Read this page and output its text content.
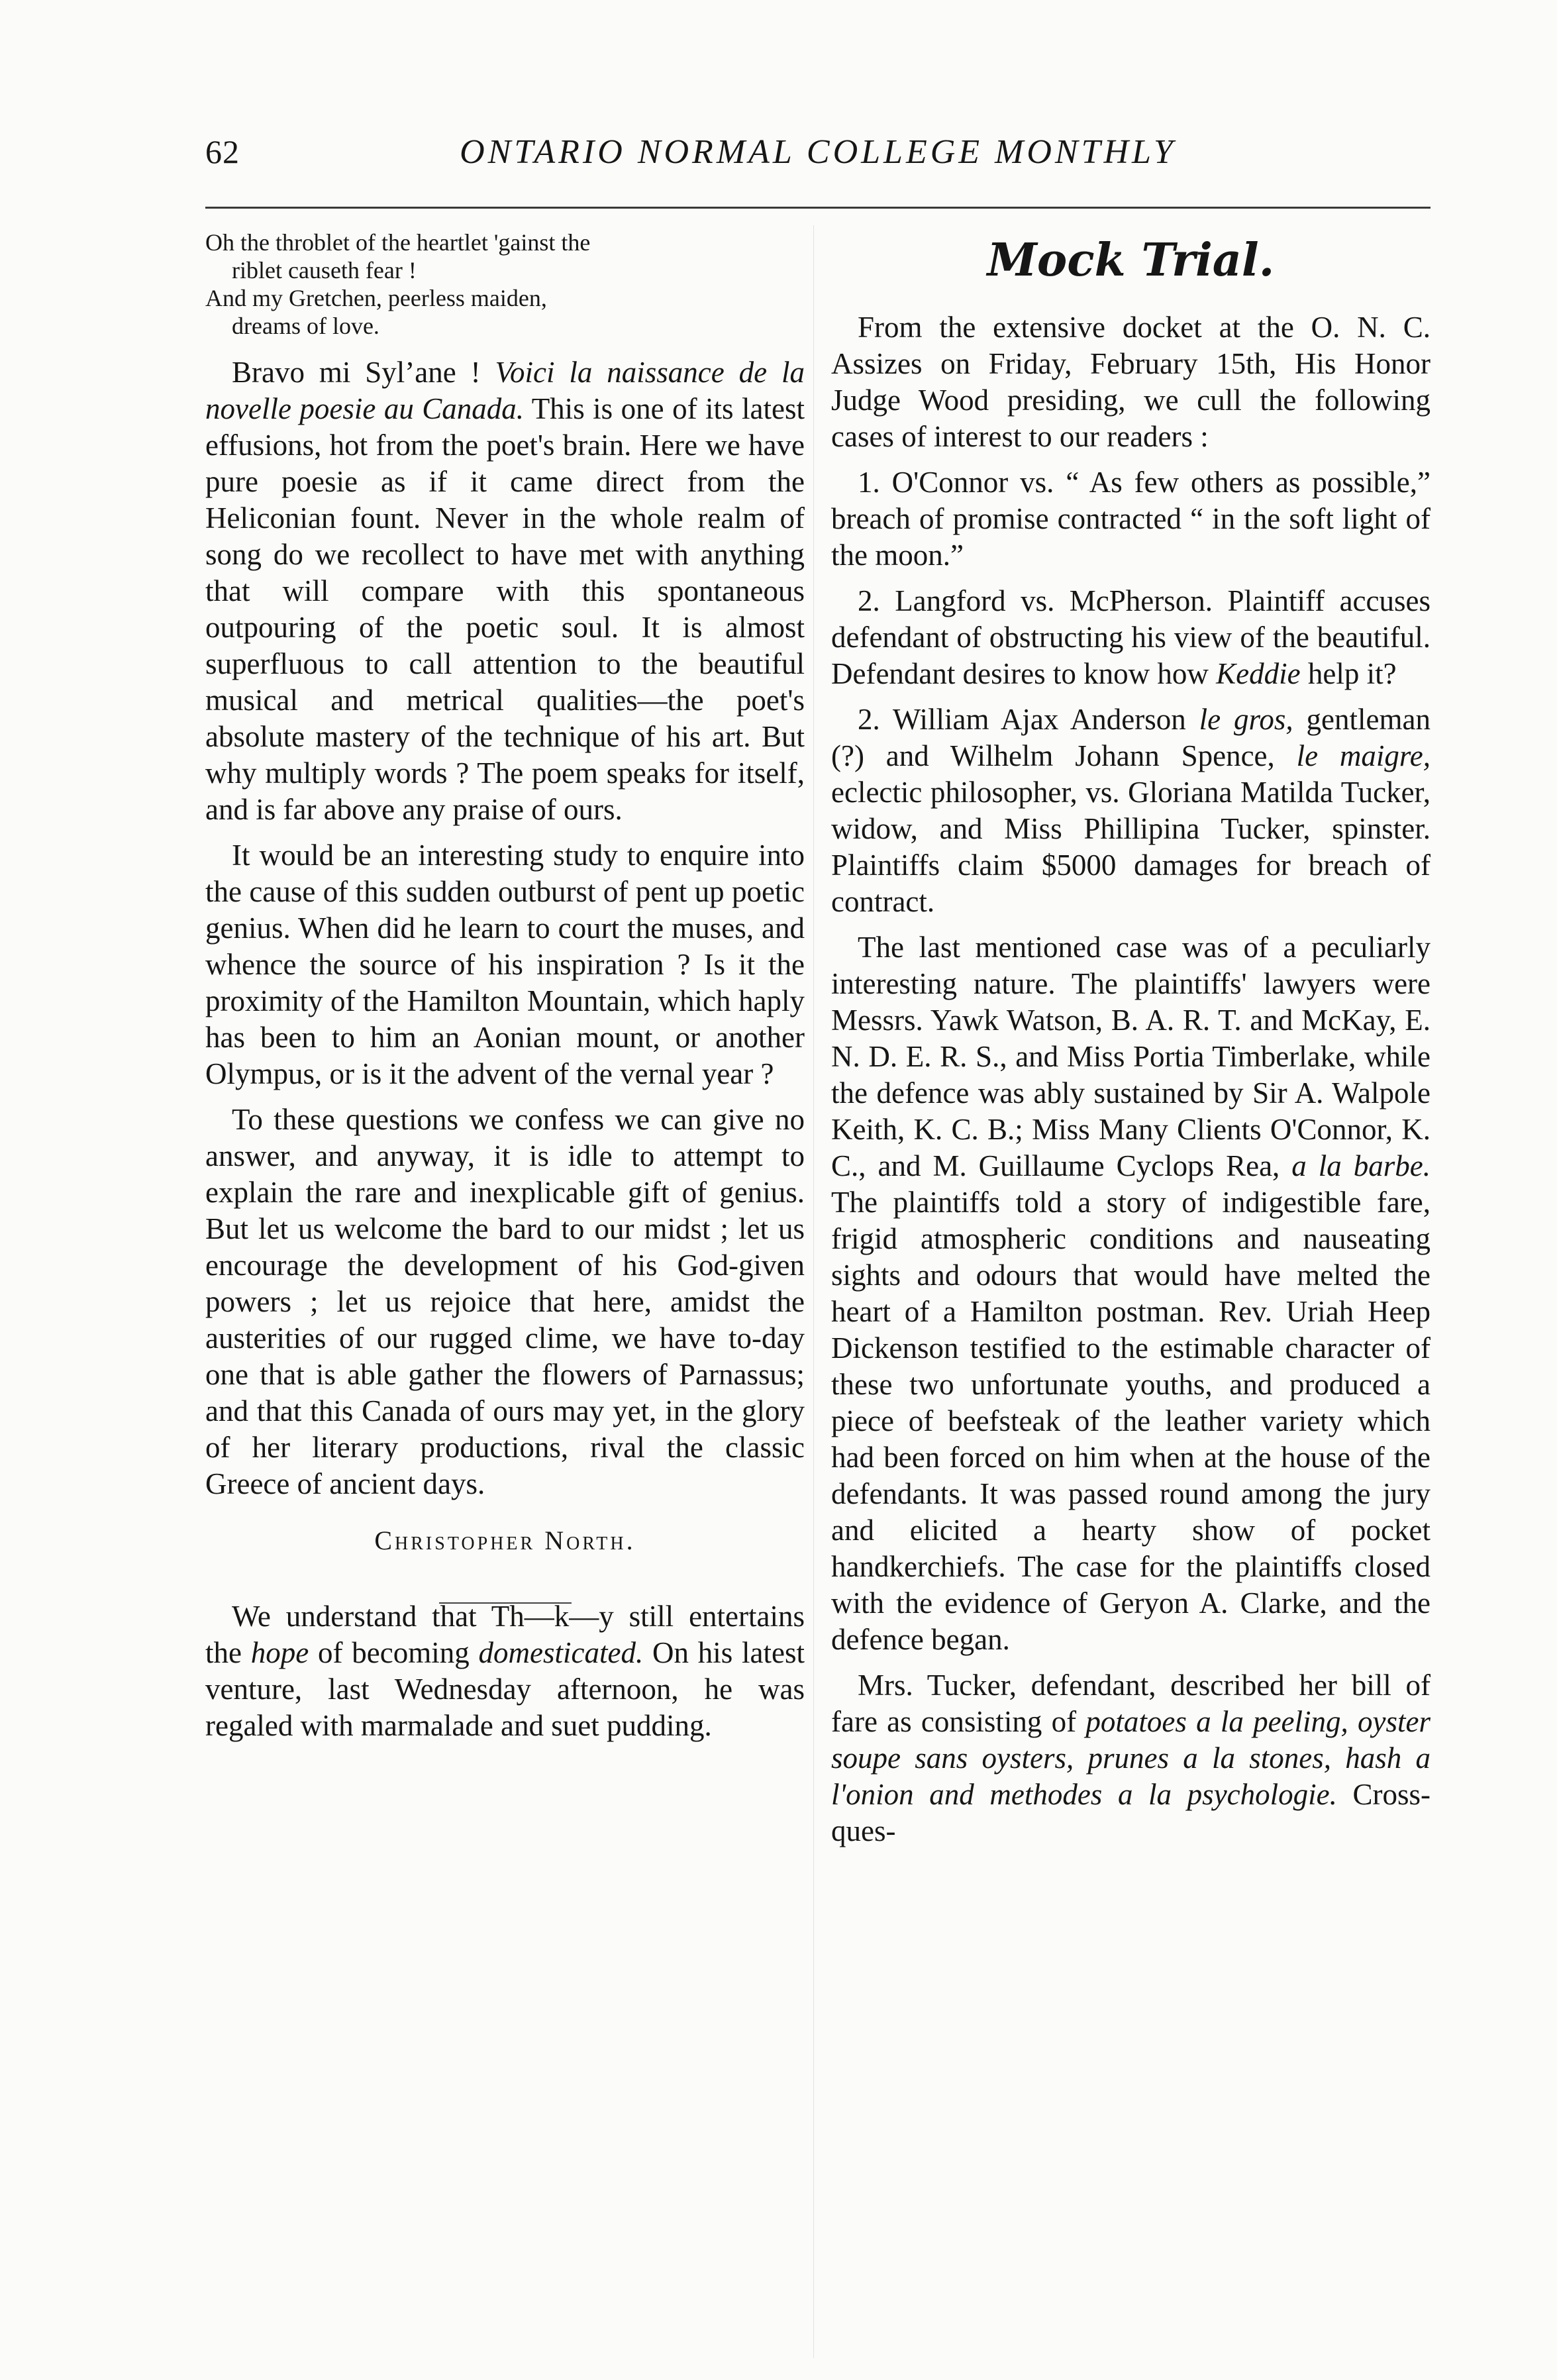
62	ONTARIO NORMAL COLLEGE MONTHLY
Oh the throblet of the heartlet 'gainst the
riblet causeth fear !
And my Gretchen, peerless maiden,
dreams of love.

Bravo mi Syl’ane ! Voici la naissance de la novelle poesie au Canada. This is one of its latest effusions, hot from the poet's brain. Here we have pure poesie as if it came direct from the Heliconian fount. Never in the whole realm of song do we recollect to have met with anything that will compare with this spontaneous outpouring of the poetic soul. It is almost superfluous to call attention to the beautiful musical and metrical qualities—the poet's absolute mastery of the technique of his art. But why multiply words ? The poem speaks for itself, and is far above any praise of ours.

It would be an interesting study to enquire into the cause of this sudden outburst of pent up poetic genius. When did he learn to court the muses, and whence the source of his inspiration ? Is it the proximity of the Hamilton Mountain, which haply has been to him an Aonian mount, or another Olympus, or is it the advent of the vernal year ?

To these questions we confess we can give no answer, and anyway, it is idle to attempt to explain the rare and inexplicable gift of genius. But let us welcome the bard to our midst ; let us encourage the development of his God-given powers ; let us rejoice that here, amidst the austerities of our rugged clime, we have to-day one that is able gather the flowers of Parnassus; and that this Canada of ours may yet, in the glory of her literary productions, rival the classic Greece of ancient days.

Christopher North.

We understand that Th—k—y still entertains the hope of becoming domesticated. On his latest venture, last Wednesday afternoon, he was regaled with marmalade and suet pudding.

Mock Trial.

From the extensive docket at the O. N. C. Assizes on Friday, February 15th, His Honor Judge Wood presiding, we cull the following cases of interest to our readers :

1. O'Connor vs. “ As few others as possible,” breach of promise contracted “ in the soft light of the moon.”

2. Langford vs. McPherson. Plaintiff accuses defendant of obstructing his view of the beautiful. Defendant desires to know how Keddie help it?

2. William Ajax Anderson le gros, gentleman (?) and Wilhelm Johann Spence, le maigre, eclectic philosopher, vs. Gloriana Matilda Tucker, widow, and Miss Phillipina Tucker, spinster. Plaintiffs claim $5000 damages for breach of contract.

The last mentioned case was of a peculiarly interesting nature. The plaintiffs' lawyers were Messrs. Yawk Watson, B. A. R. T. and McKay, E. N. D. E. R. S., and Miss Portia Timberlake, while the defence was ably sustained by Sir A. Walpole Keith, K. C. B.; Miss Many Clients O'Connor, K. C., and M. Guillaume Cyclops Rea, a la barbe. The plaintiffs told a story of indigestible fare, frigid atmospheric conditions and nauseating sights and odours that would have melted the heart of a Hamilton postman. Rev. Uriah Heep Dickenson testified to the estimable character of these two unfortunate youths, and produced a piece of beefsteak of the leather variety which had been forced on him when at the house of the defendants. It was passed round among the jury and elicited a hearty show of pocket handkerchiefs. The case for the plaintiffs closed with the evidence of Geryon A. Clarke, and the defence began.

Mrs. Tucker, defendant, described her bill of fare as consisting of potatoes a la peeling, oyster soupe sans oysters, prunes a la stones, hash a l'onion and methodes a la psychologie. Cross-ques-
